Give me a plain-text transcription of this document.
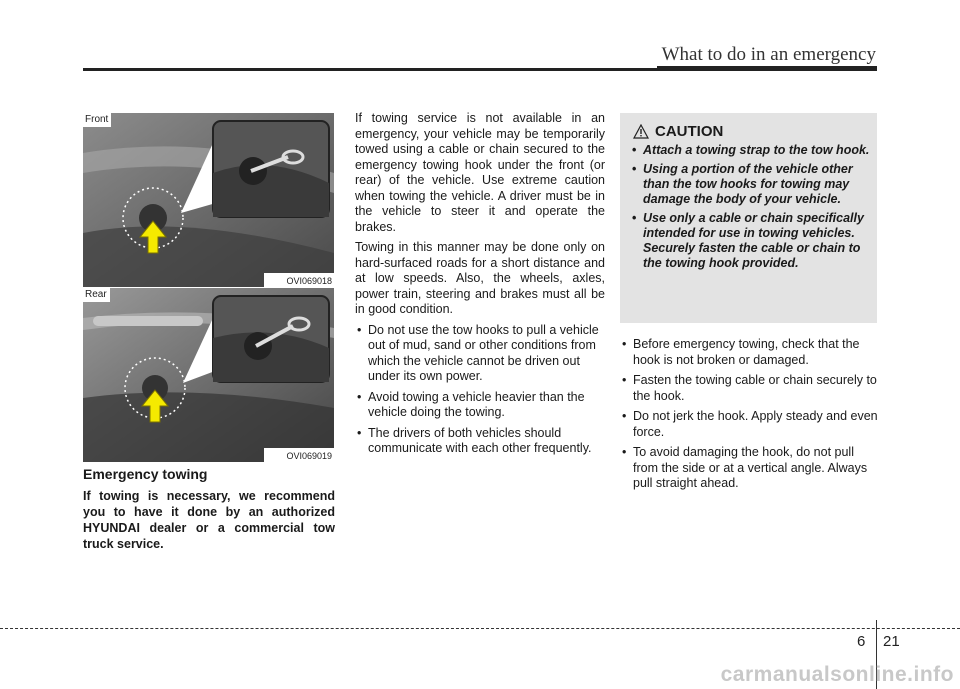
What to do in an emergency
Front
OVI069018
Rear
OVI069019
Emergency towing
If towing is necessary, we recommend you to have it done by an authorized HYUNDAI dealer or a commercial tow truck service.

If towing service is not available in an emergency, your vehicle may be temporarily towed using a cable or chain secured to the emergency towing hook under the front (or rear) of the vehicle. Use extreme caution when towing the vehicle. A driver must be in the vehicle to steer it and operate the brakes.

Towing in this manner may be done only on hard-surfaced roads for a short distance and at low speeds. Also, the wheels, axles, power train, steering and brakes must all be in good condition.

• Do not use the tow hooks to pull a vehicle out of mud, sand or other conditions from which the vehicle cannot be driven out under its own power.
• Avoid towing a vehicle heavier than the vehicle doing the towing.
• The drivers of both vehicles should communicate with each other frequently.
CAUTION
• Attach a towing strap to the tow hook.
• Using a portion of the vehicle other than the tow hooks for towing may damage the body of your vehicle.
• Use only a cable or chain specifically intended for use in towing vehicles. Securely fasten the cable or chain to the towing hook provided.
• Before emergency towing, check that the hook is not broken or damaged.
• Fasten the towing cable or chain securely to the hook.
• Do not jerk the hook. Apply steady and even force.
• To avoid damaging the hook, do not pull from the side or at a vertical angle. Always pull straight ahead.
6 21
carmanualsonline.info
